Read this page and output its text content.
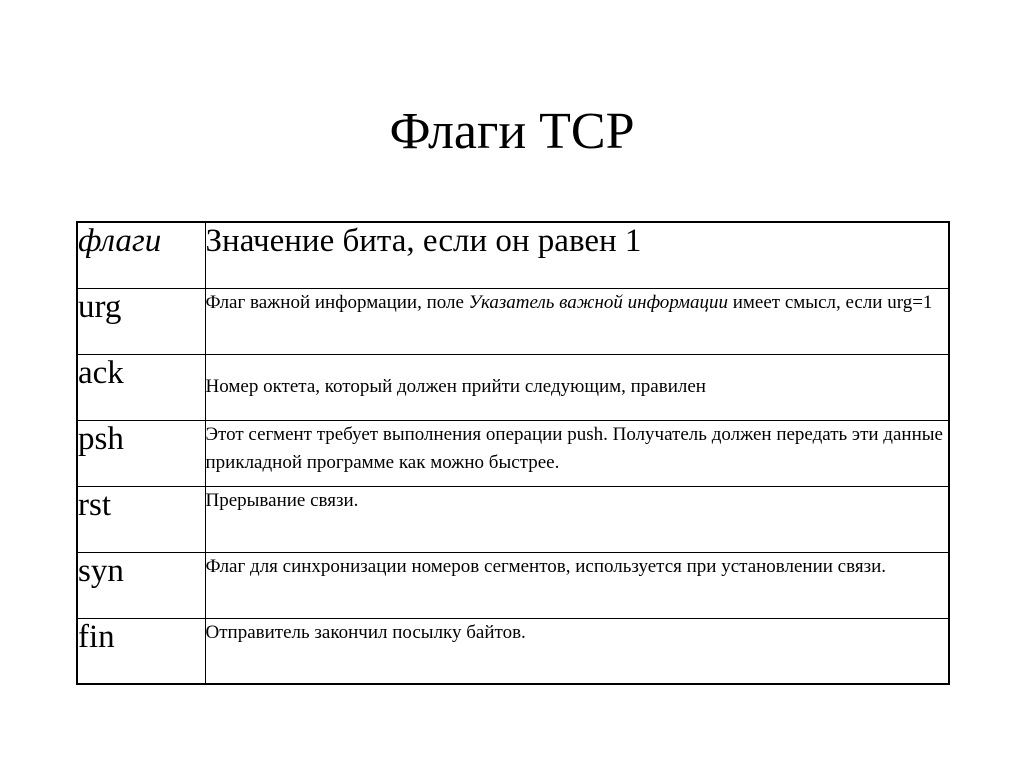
Флаги TCP
флаги	Значение бита, если он равен 1
urg	Флаг важной информации, поле Указатель важной информации имеет смысл, если urg=1
ack	Номер октета, который должен прийти следующим, правилен
psh	Этот сегмент требует выполнения операции push. Получатель должен передать эти данные прикладной программе как можно быстрее.
rst	Прерывание связи.
syn	Флаг для синхронизации номеров сегментов, используется при установлении связи.
fin	Отправитель закончил посылку байтов.
